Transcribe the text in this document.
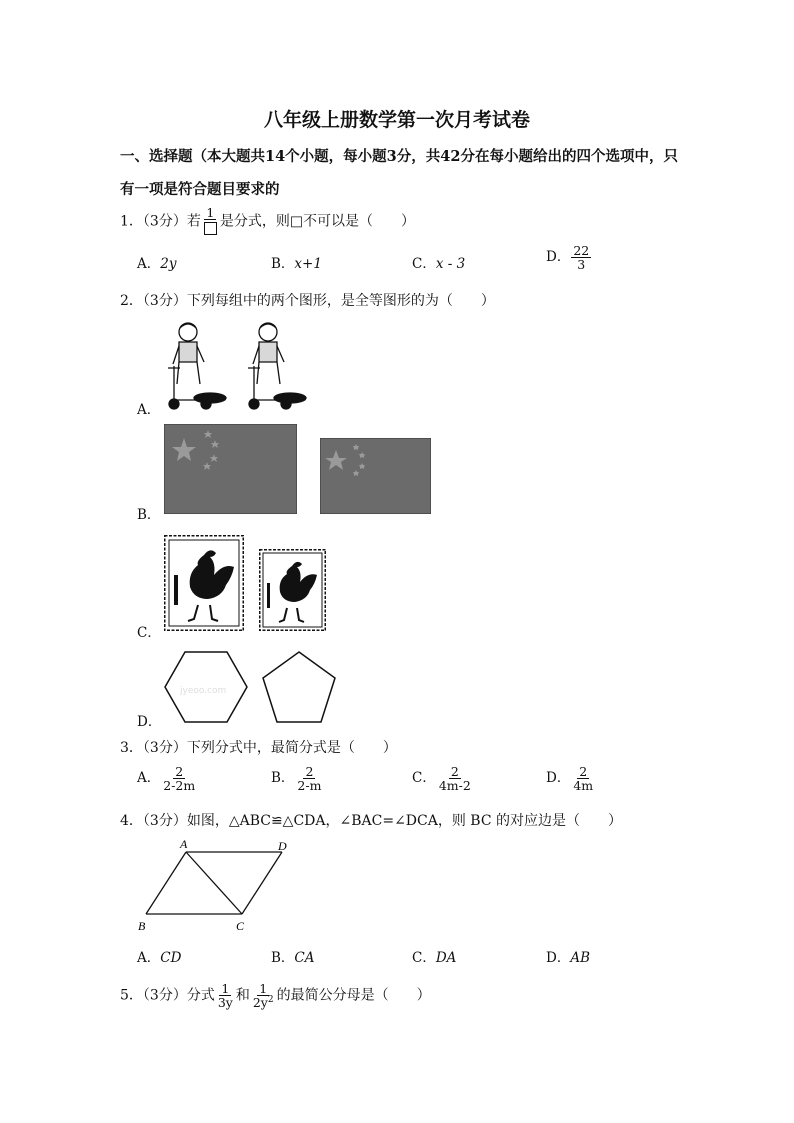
八年级上册数学第一次月考试卷
一、选择题（本大题共14个小题，每小题3分，共42分在每小题给出的四个选项中，只
有一项是符合题目要求的
1．（3分）若
1
是分式，则□不可以是（　　）
A．2y	B．x+1	C．x - 3	D． $\frac{22}{3}$
2．（3分）下列每组中的两个图形，是全等图形的为（　　）
A．
B．
C．
D．
jyeoo.com
3．（3分）下列分式中，最简分式是（　　）
A． $\frac{2}{2-2m}$	B． $\frac{2}{2-m}$	C． $\frac{2}{4m-2}$	D． $\frac{2}{4m}$
4．（3分）如图，△ABC≌△CDA，∠BAC=∠DCA，则 BC 的对应边是（　　）
A	D
B	C
A．CD	B．CA	C．DA	D．AB
5．（3分）分式 $\frac{1}{3y}$ 和 $\frac{1}{2y^2}$ 的最简公分母是（　　）
